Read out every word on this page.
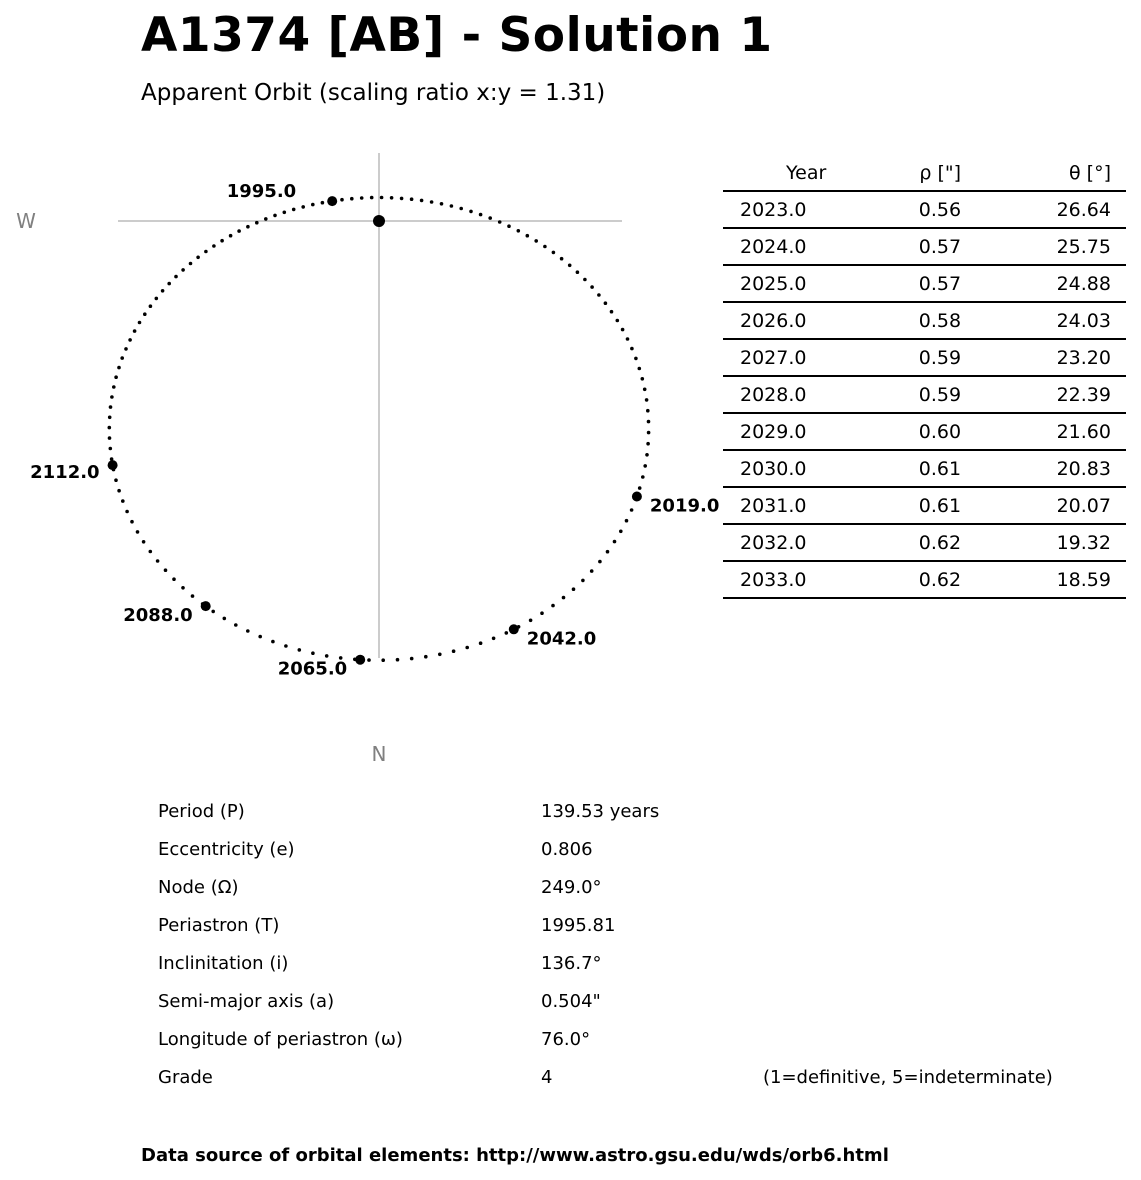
A1374 [AB] - Solution 1
Apparent Orbit (scaling ratio x:y = 1.31)
W
N
1995.0
2019.0
2042.0
2065.0
2088.0
2112.0
Year	ρ ["]	θ [°]
2023.0	0.56	26.64
2024.0	0.57	25.75
2025.0	0.57	24.88
2026.0	0.58	24.03
2027.0	0.59	23.20
2028.0	0.59	22.39
2029.0	0.60	21.60
2030.0	0.61	20.83
2031.0	0.61	20.07
2032.0	0.62	19.32
2033.0	0.62	18.59
Period (P)	139.53 years
Eccentricity (e)	0.806
Node (Ω)	249.0°
Periastron (T)	1995.81
Inclinitation (i)	136.7°
Semi-major axis (a)	0.504"
Longitude of periastron (ω)	76.0°
Grade	4	(1=definitive, 5=indeterminate)
Data source of orbital elements: http://www.astro.gsu.edu/wds/orb6.html
